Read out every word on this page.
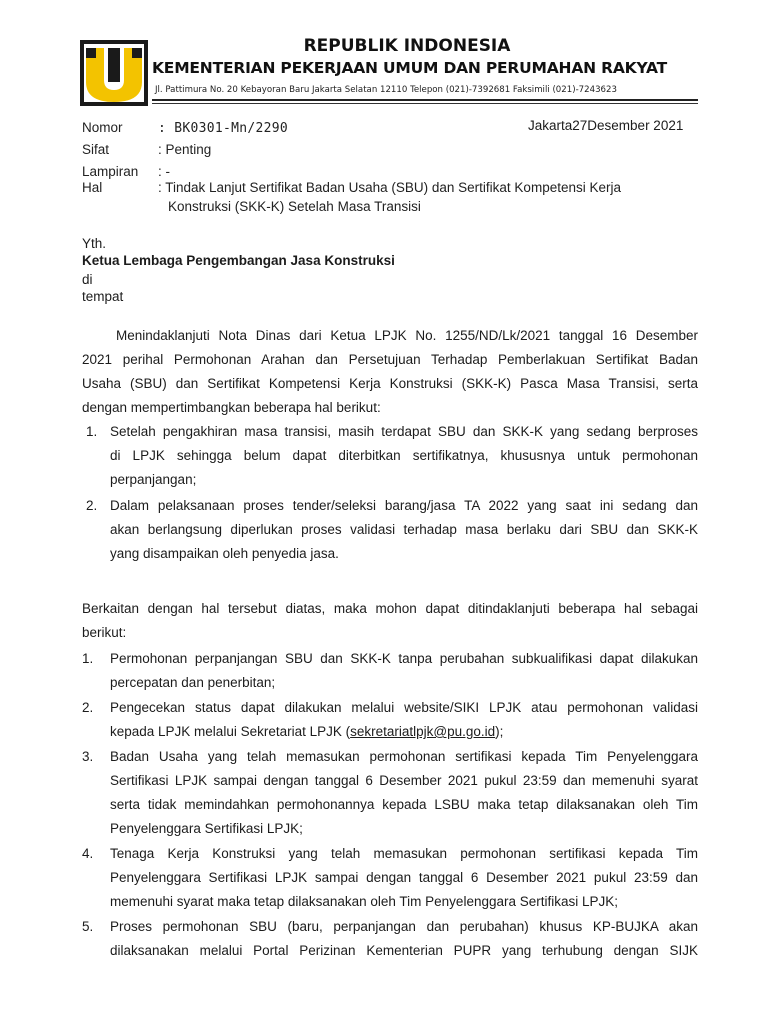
REPUBLIK INDONESIA
KEMENTERIAN PEKERJAAN UMUM DAN PERUMAHAN RAKYAT
Jl. Pattimura No. 20 Kebayoran Baru Jakarta Selatan 12110 Telepon (021)-7392681 Faksimili (021)-7243623
Nomor	: BK0301-Mn/2290	Jakarta27Desember 2021
Sifat	: Penting
Lampiran : -
Hal	: Tindak Lanjut Sertifikat Badan Usaha (SBU) dan Sertifikat Kompetensi Kerja
Konstruksi (SKK-K) Setelah Masa Transisi
Yth.
Ketua Lembaga Pengembangan Jasa Konstruksi
di
tempat
Menindaklanjuti Nota Dinas dari Ketua LPJK No. 1255/ND/Lk/2021 tanggal 16 Desember
2021 perihal Permohonan Arahan dan Persetujuan Terhadap Pemberlakuan Sertifikat Badan
Usaha (SBU) dan Sertifikat Kompetensi Kerja Konstruksi (SKK-K) Pasca Masa Transisi, serta
dengan mempertimbangkan beberapa hal berikut:
1. Setelah pengakhiran masa transisi, masih terdapat SBU dan SKK-K yang sedang berproses
di LPJK sehingga belum dapat diterbitkan sertifikatnya, khususnya untuk permohonan
perpanjangan;
2. Dalam pelaksanaan proses tender/seleksi barang/jasa TA 2022 yang saat ini sedang dan
akan berlangsung diperlukan proses validasi terhadap masa berlaku dari SBU dan SKK-K
yang disampaikan oleh penyedia jasa.
Berkaitan dengan hal tersebut diatas, maka mohon dapat ditindaklanjuti beberapa hal sebagai
berikut:
1.	Permohonan perpanjangan SBU dan SKK-K tanpa perubahan subkualifikasi dapat dilakukan
percepatan dan penerbitan;
2.	Pengecekan status dapat dilakukan melalui website/SIKI LPJK atau permohonan validasi
kepada LPJK melalui Sekretariat LPJK (sekretariatlpjk@pu.go.id);
3.	Badan Usaha yang telah memasukan permohonan sertifikasi kepada Tim Penyelenggara
Sertifikasi LPJK sampai dengan tanggal 6 Desember 2021 pukul 23:59 dan memenuhi syarat
serta tidak memindahkan permohonannya kepada LSBU maka tetap dilaksanakan oleh Tim
Penyelenggara Sertifikasi LPJK;
4.	Tenaga Kerja Konstruksi yang telah memasukan permohonan sertifikasi kepada Tim
Penyelenggara Sertifikasi LPJK sampai dengan tanggal 6 Desember 2021 pukul 23:59 dan
memenuhi syarat maka tetap dilaksanakan oleh Tim Penyelenggara Sertifikasi LPJK;
5.	Proses permohonan SBU (baru, perpanjangan dan perubahan) khusus KP-BUJKA akan
dilaksanakan melalui Portal Perizinan Kementerian PUPR yang terhubung dengan SIJK
